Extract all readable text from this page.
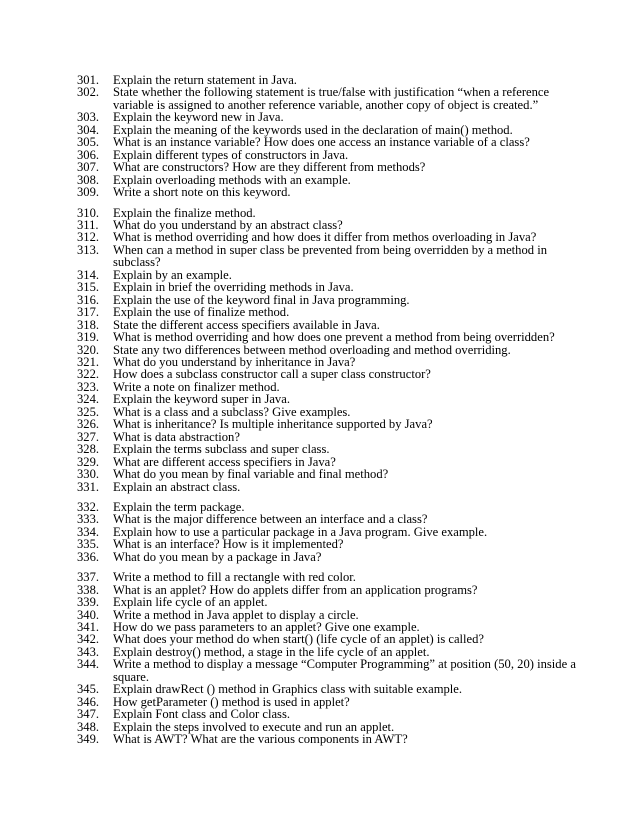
301.	Explain the return statement in Java.
302.	State whether the following statement is true/false with justification “when a reference variable is assigned to another reference variable, another copy of object is created.”
303.	Explain the keyword new in Java.
304.	Explain the meaning of the keywords used in the declaration of main() method.
305.	What is an instance variable? How does one access an instance variable of a class?
306.	Explain different types of constructors in Java.
307.	What are constructors? How are they different from methods?
308.	Explain overloading methods with an example.
309.	Write a short note on this keyword.
310.	Explain the finalize method.
311.	What do you understand by an abstract class?
312.	What is method overriding and how does it differ from methos overloading in Java?
313.	When can a method in super class be prevented from being overridden by a method in subclass?
314.	Explain by an example.
315.	Explain in brief the overriding methods in Java.
316.	Explain the use of the keyword final in Java programming.
317.	Explain the use of finalize method.
318.	State the different access specifiers available in Java.
319.	What is method overriding and how does one prevent a method from being overridden?
320.	State any two differences between method overloading and method overriding.
321.	What do you understand by inheritance in Java?
322.	How does a subclass constructor call a super class constructor?
323.	Write a note on finalizer method.
324.	Explain the keyword super in Java.
325.	What is a class and a subclass? Give examples.
326.	What is inheritance? Is multiple inheritance supported by Java?
327.	What is data abstraction?
328.	Explain the terms subclass and super class.
329.	What are different access specifiers in Java?
330.	What do you mean by final variable and final method?
331.	Explain an abstract class.
332.	Explain the term package.
333.	What is the major difference between an interface and a class?
334.	Explain how to use a particular package in a Java program. Give example.
335.	What is an interface? How is it implemented?
336.	What do you mean by a package in Java?
337.	Write a method to fill a rectangle with red color.
338.	What is an applet? How do applets differ from an application programs?
339.	Explain life cycle of an applet.
340.	Write a method in Java applet to display a circle.
341.	How do we pass parameters to an applet? Give one example.
342.	What does your method do when start() (life cycle of an applet) is called?
343.	Explain destroy() method, a stage in the life cycle of an applet.
344.	Write a method to display a message “Computer Programming” at position (50, 20) inside a square.
345.	Explain drawRect () method in Graphics class with suitable example.
346.	How getParameter () method is used in applet?
347.	Explain Font class and Color class.
348.	Explain the steps involved to execute and run an applet.
349.	What is AWT? What are the various components in AWT?
